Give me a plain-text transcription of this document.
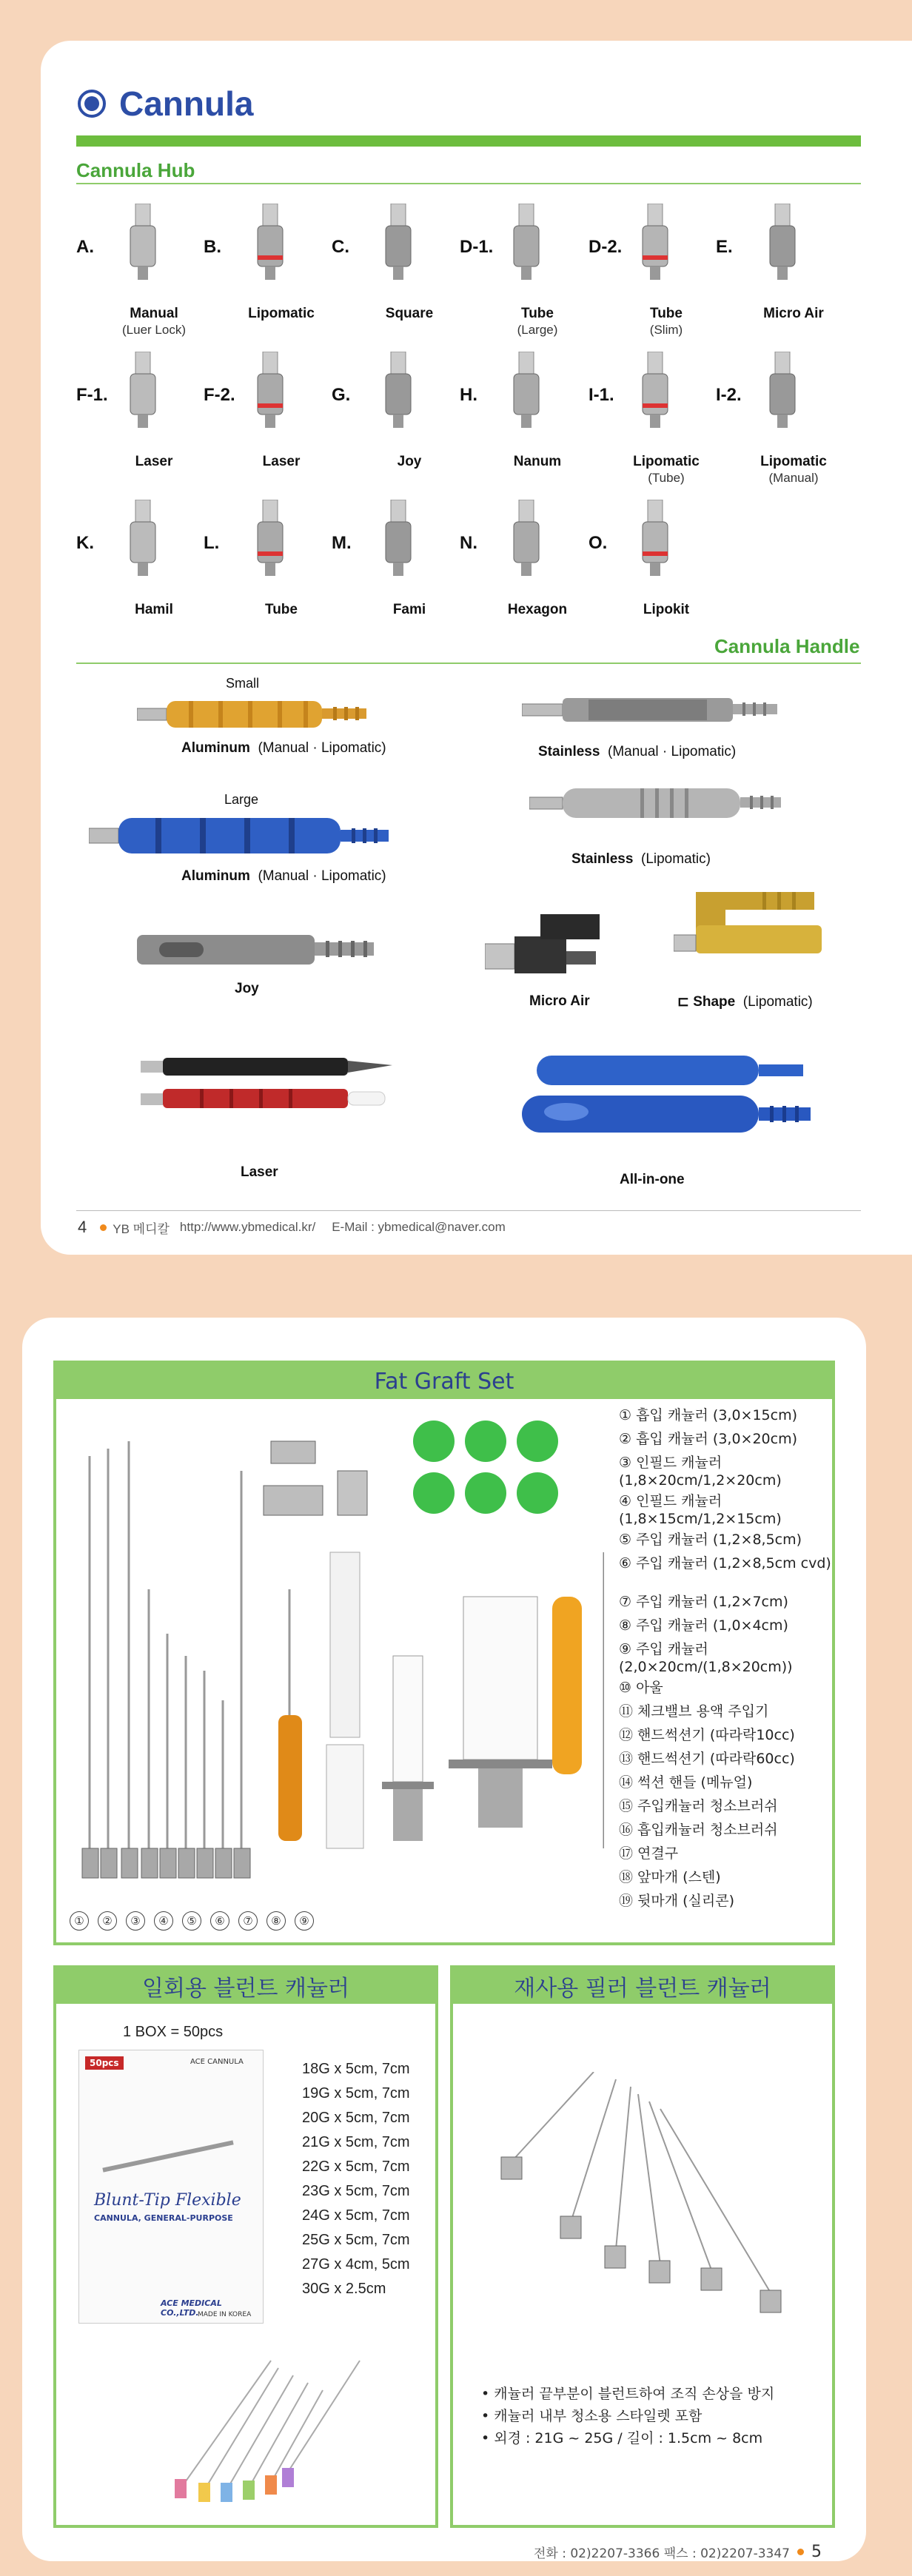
Cannula
Cannula Hub
A.
Manual
(Luer Lock)
B.
Lipomatic
C.
Square
D-1.
Tube
(Large)
D-2.
Tube
(Slim)
E.
Micro Air
F-1.
Laser
F-2.
Laser
G.
Joy
H.
Nanum
I-1.
Lipomatic
(Tube)
I-2.
Lipomatic
(Manual)
K.
Hamil
L.
Tube
M.
Fami
N.
Hexagon
O.
Lipokit
Cannula Handle
Small
Aluminum (Manual · Lipomatic)
Large
Aluminum (Manual · Lipomatic)
Stainless (Manual · Lipomatic)
Stainless (Lipomatic)
Joy
Micro Air	⊏ Shape (Lipomatic)
Laser	All-in-one
4 YB 메디칼 http://www.ybmedical.kr/ E-Mail : ybmedical@naver.com
Fat Graft Set
①	②	③	④	⑤	⑥	⑦	⑧	⑨
① 흡입 캐뉼러 (3,0×15cm)
② 흡입 캐뉼러 (3,0×20cm)
③ 인필드 캐뉼러 (1,8×20cm/1,2×20cm)
④ 인필드 캐뉼러 (1,8×15cm/1,2×15cm)
⑤ 주입 캐뉼러 (1,2×8,5cm)
⑥ 주입 캐뉼러 (1,2×8,5cm cvd)
⑦ 주입 캐뉼러 (1,2×7cm)
⑧ 주입 캐뉼러 (1,0×4cm)
⑨ 주입 캐뉼러 (2,0×20cm/(1,8×20cm))
⑩ 아울
⑪ 체크밸브 용액 주입기
⑫ 핸드썩션기 (따라락10cc)
⑬ 핸드썩션기 (따라락60cc)
⑭ 썩션 핸들 (메뉴얼)
⑮ 주입캐뉼러 청소브러쉬
⑯ 흡입캐뉼러 청소브러쉬
⑰ 연결구
⑱ 앞마개 (스텐)
⑲ 뒷마개 (실리콘)
일회용 블런트 캐뉼러
1 BOX = 50pcs
50pcs	ACE CANNULA
Blunt-Tip Flexible
CANNULA, GENERAL-PURPOSE
ACE MEDICAL CO.,LTD.
MADE IN KOREA
18G x 5cm, 7cm
19G x 5cm, 7cm
20G x 5cm, 7cm
21G x 5cm, 7cm
22G x 5cm, 7cm
23G x 5cm, 7cm
24G x 5cm, 7cm
25G x 5cm, 7cm
27G x 4cm, 5cm
30G x 2.5cm
재사용 필러 블런트 캐뉼러
• 캐뉼러 끝부분이 블런트하여 조직 손상을 방지
• 캐뉼러 내부 청소용 스타일렛 포함
• 외경 : 21G ~ 25G / 길이 : 1.5cm ~ 8cm
전화 : 02)2207-3366 팩스 : 02)2207-3347 5
